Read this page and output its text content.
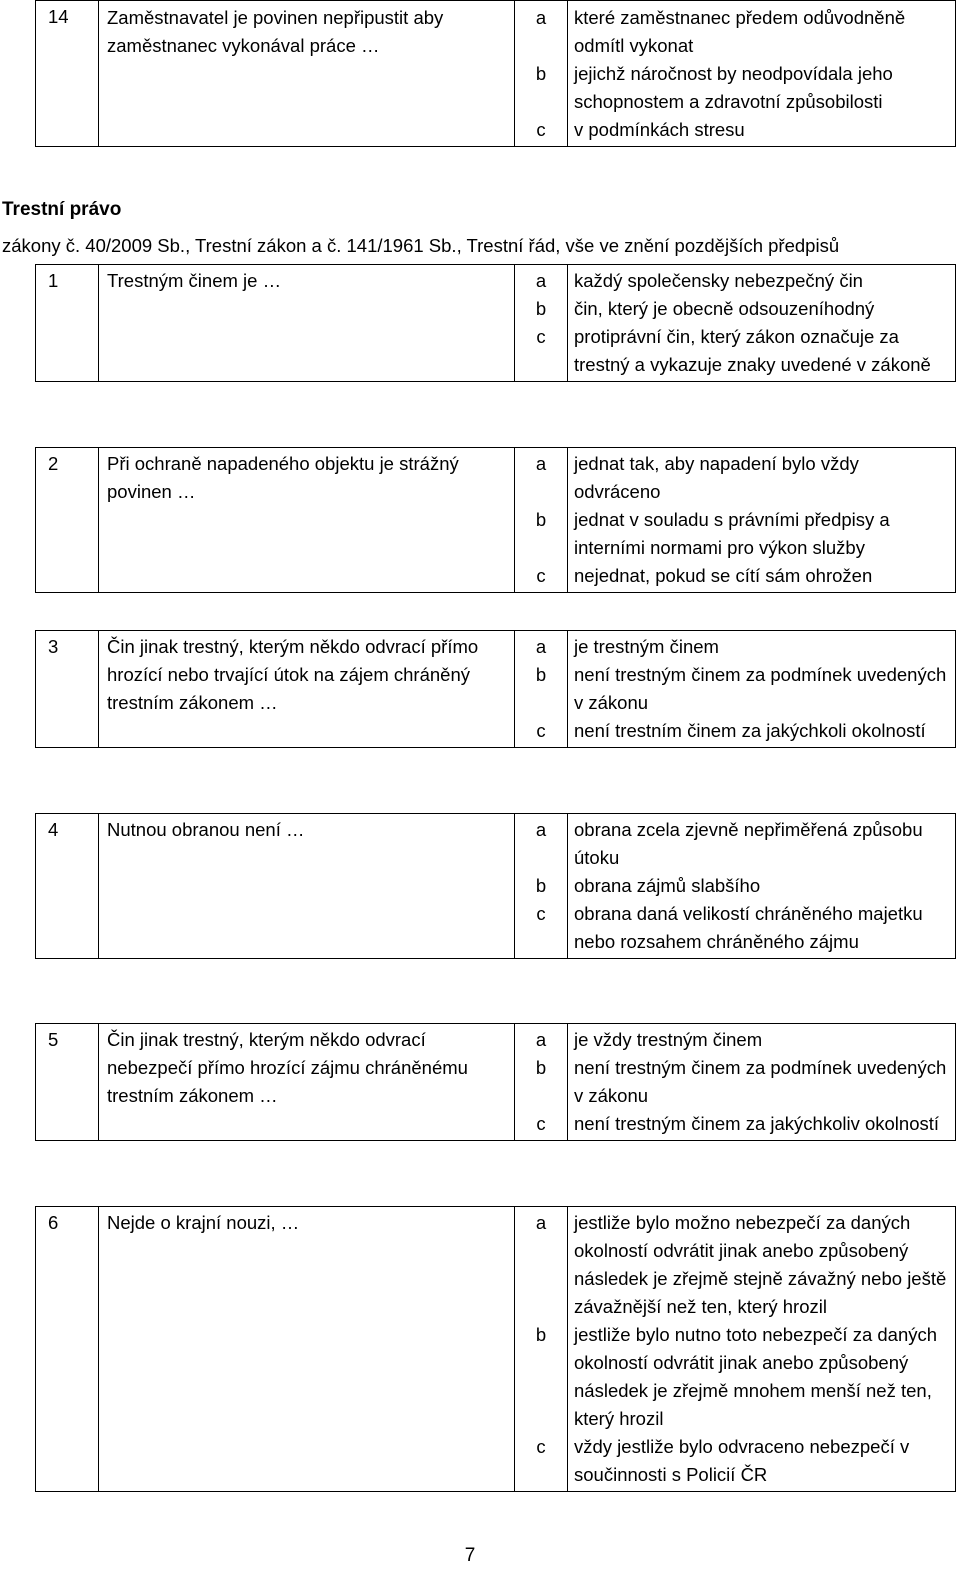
14	Zaměstnavatel je povinen nepřipustit aby zaměstnanec vykonával práce …	a	které zaměstnanec předem odůvodněně odmítl vykonat
		b	jejichž náročnost by neodpovídala jeho schopnostem a zdravotní způsobilosti
		c	v podmínkách stresu

Trestní právo

zákony č. 40/2009 Sb., Trestní zákon a č. 141/1961 Sb., Trestní řád, vše ve znění pozdějších předpisů

1	Trestným činem je …	a	každý společensky nebezpečný čin
		b	čin, který je obecně odsouzeníhodný
		c	protiprávní čin, který zákon označuje za trestný a vykazuje znaky uvedené v zákoně
2	Při ochraně napadeného objektu je strážný povinen …	a	jednat tak, aby napadení bylo vždy odvráceno
		b	jednat v souladu s právními předpisy a interními normami pro výkon služby
		c	nejednat, pokud se cítí sám ohrožen
3	Čin jinak trestný, kterým někdo odvrací přímo hrozící nebo trvající útok na zájem chráněný trestním zákonem …	a	je trestným činem
		b	není trestným činem za podmínek uvedených v zákonu
		c	není trestním činem za jakýchkoli okolností
4	Nutnou obranou není …	a	obrana zcela zjevně nepřiměřená způsobu útoku
		b	obrana zájmů slabšího
		c	obrana daná velikostí chráněného majetku nebo rozsahem chráněného zájmu
5	Čin jinak trestný, kterým někdo odvrací nebezpečí přímo hrozící zájmu chráněnému trestním zákonem …	a	je vždy trestným činem
		b	není trestným činem za podmínek uvedených v zákonu
		c	není trestným činem za jakýchkoliv okolností
6	Nejde o krajní nouzi, …	a	jestliže bylo možno nebezpečí za daných okolností odvrátit jinak anebo způsobený následek je zřejmě stejně závažný nebo ještě závažnější než ten, který hrozil
		b	jestliže bylo nutno toto nebezpečí za daných okolností odvrátit jinak anebo způsobený následek je zřejmě mnohem menší než ten, který hrozil
		c	vždy jestliže bylo odvraceno nebezpečí v součinnosti s Policií ČR
7
